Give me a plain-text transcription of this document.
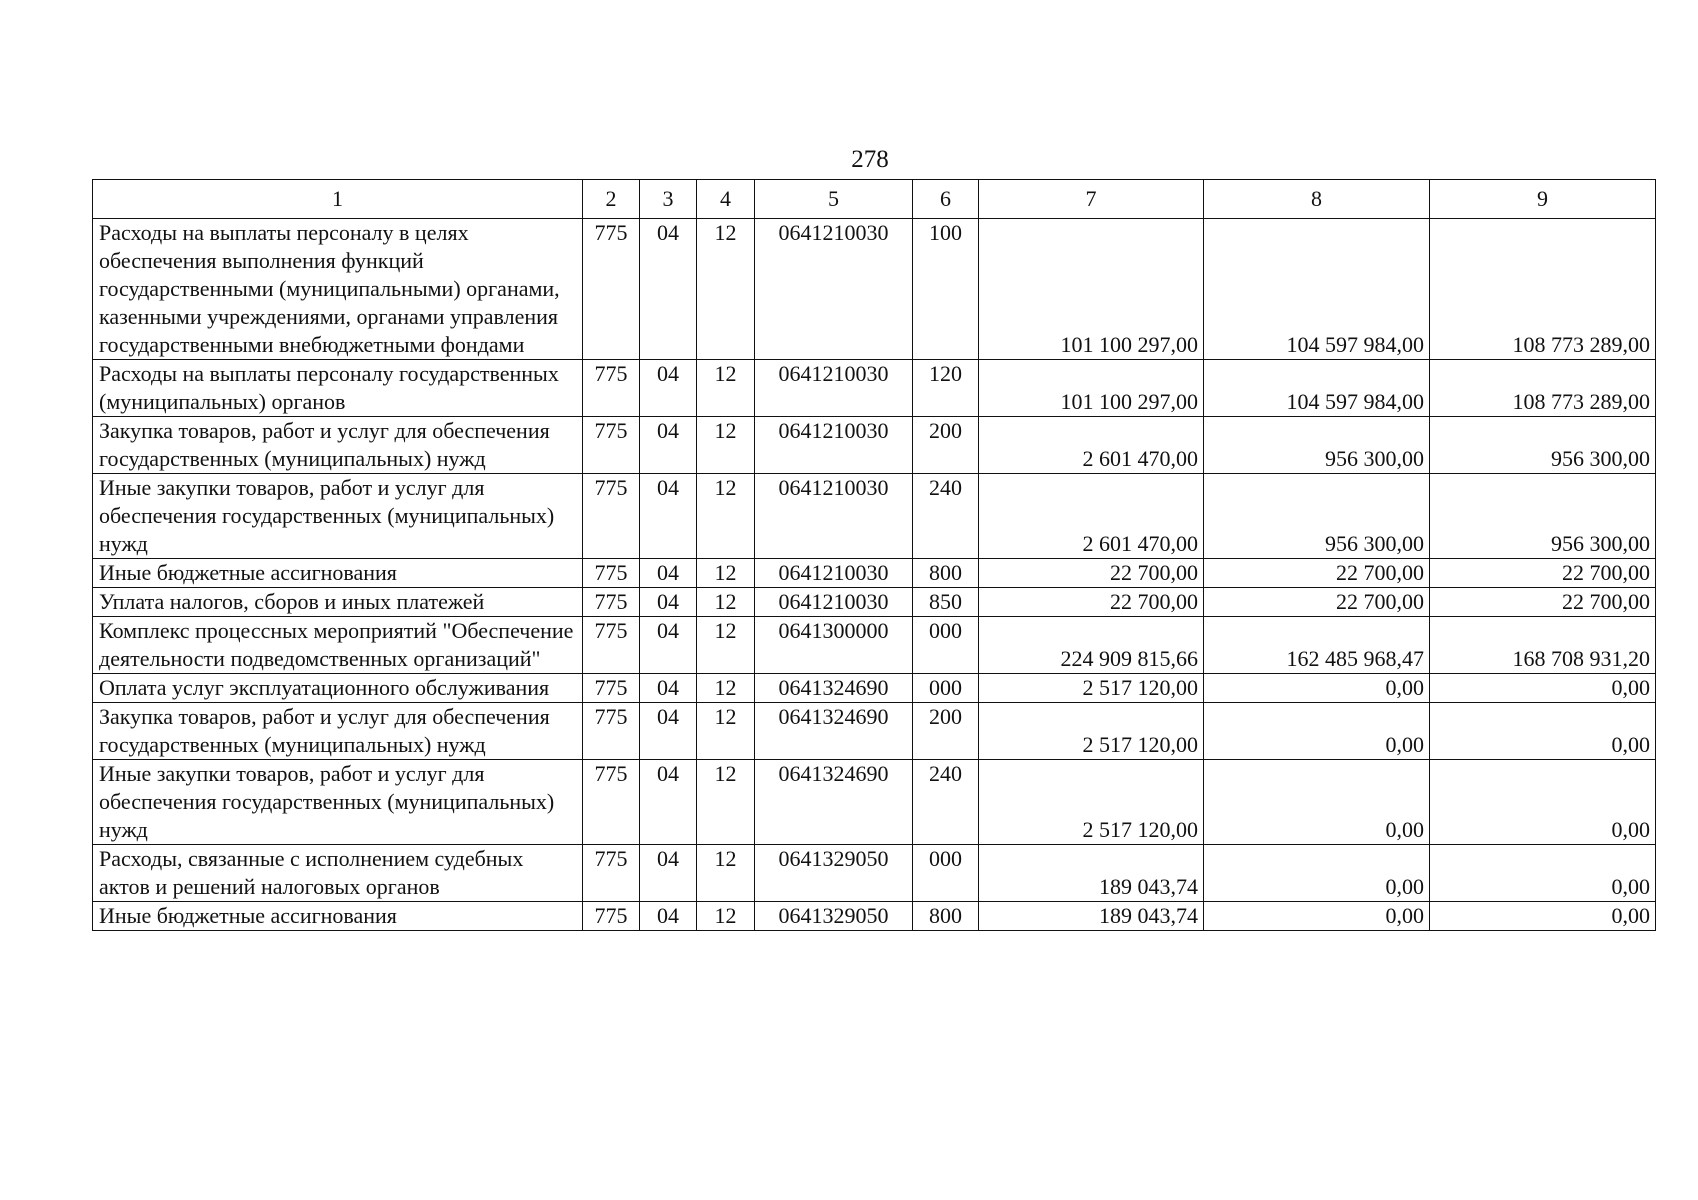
278
1	2	3	4	5	6	7	8	9
Расходы на выплаты персоналу в целях обеспечения выполнения функций государственными (муниципальными) органами, казенными учреждениями, органами управления государственными внебюджетными фондами	775	04	12	0641210030	100	101 100 297,00	104 597 984,00	108 773 289,00
Расходы на выплаты персоналу государственных (муниципальных) органов	775	04	12	0641210030	120	101 100 297,00	104 597 984,00	108 773 289,00
Закупка товаров, работ и услуг для обеспечения государственных (муниципальных) нужд	775	04	12	0641210030	200	2 601 470,00	956 300,00	956 300,00
Иные закупки товаров, работ и услуг для обеспечения государственных (муниципальных) нужд	775	04	12	0641210030	240	2 601 470,00	956 300,00	956 300,00
Иные бюджетные ассигнования	775	04	12	0641210030	800	22 700,00	22 700,00	22 700,00
Уплата налогов, сборов и иных платежей	775	04	12	0641210030	850	22 700,00	22 700,00	22 700,00
Комплекс процессных мероприятий "Обеспечение деятельности подведомственных организаций"	775	04	12	0641300000	000	224 909 815,66	162 485 968,47	168 708 931,20
Оплата услуг эксплуатационного обслуживания	775	04	12	0641324690	000	2 517 120,00	0,00	0,00
Закупка товаров, работ и услуг для обеспечения государственных (муниципальных) нужд	775	04	12	0641324690	200	2 517 120,00	0,00	0,00
Иные закупки товаров, работ и услуг для обеспечения государственных (муниципальных) нужд	775	04	12	0641324690	240	2 517 120,00	0,00	0,00
Расходы, связанные с исполнением судебных актов и решений налоговых органов	775	04	12	0641329050	000	189 043,74	0,00	0,00
Иные бюджетные ассигнования	775	04	12	0641329050	800	189 043,74	0,00	0,00
